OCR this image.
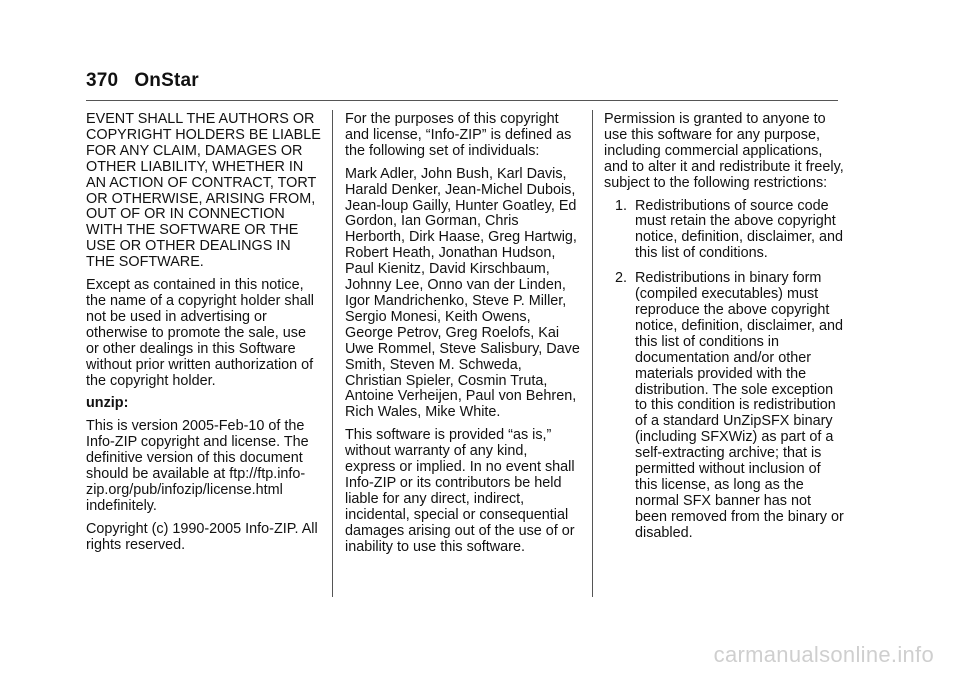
370 OnStar

EVENT SHALL THE AUTHORS OR COPYRIGHT HOLDERS BE LIABLE FOR ANY CLAIM, DAMAGES OR OTHER LIABILITY, WHETHER IN AN ACTION OF CONTRACT, TORT OR OTHERWISE, ARISING FROM, OUT OF OR IN CONNECTION WITH THE SOFTWARE OR THE USE OR OTHER DEALINGS IN THE SOFTWARE.

Except as contained in this notice, the name of a copyright holder shall not be used in advertising or otherwise to promote the sale, use or other dealings in this Software without prior written authorization of the copyright holder.

unzip:

This is version 2005-Feb-10 of the Info-ZIP copyright and license. The definitive version of this document should be available at ftp://ftp.info-zip.org/pub/infozip/license.html indefinitely.

Copyright (c) 1990-2005 Info-ZIP. All rights reserved.

For the purposes of this copyright and license, “Info-ZIP” is defined as the following set of individuals:

Mark Adler, John Bush, Karl Davis, Harald Denker, Jean-Michel Dubois, Jean-loup Gailly, Hunter Goatley, Ed Gordon, Ian Gorman, Chris Herborth, Dirk Haase, Greg Hartwig, Robert Heath, Jonathan Hudson, Paul Kienitz, David Kirschbaum, Johnny Lee, Onno van der Linden, Igor Mandrichenko, Steve P. Miller, Sergio Monesi, Keith Owens, George Petrov, Greg Roelofs, Kai Uwe Rommel, Steve Salisbury, Dave Smith, Steven M. Schweda, Christian Spieler, Cosmin Truta, Antoine Verheijen, Paul von Behren, Rich Wales, Mike White.

This software is provided “as is,” without warranty of any kind, express or implied. In no event shall Info-ZIP or its contributors be held liable for any direct, indirect, incidental, special or consequential damages arising out of the use of or inability to use this software.

Permission is granted to anyone to use this software for any purpose, including commercial applications, and to alter it and redistribute it freely, subject to the following restrictions:

1. Redistributions of source code must retain the above copyright notice, definition, disclaimer, and this list of conditions.
2. Redistributions in binary form (compiled executables) must reproduce the above copyright notice, definition, disclaimer, and this list of conditions in documentation and/or other materials provided with the distribution. The sole exception to this condition is redistribution of a standard UnZipSFX binary (including SFXWiz) as part of a self-extracting archive; that is permitted without inclusion of this license, as long as the normal SFX banner has not been removed from the binary or disabled.
carmanualsonline.info
